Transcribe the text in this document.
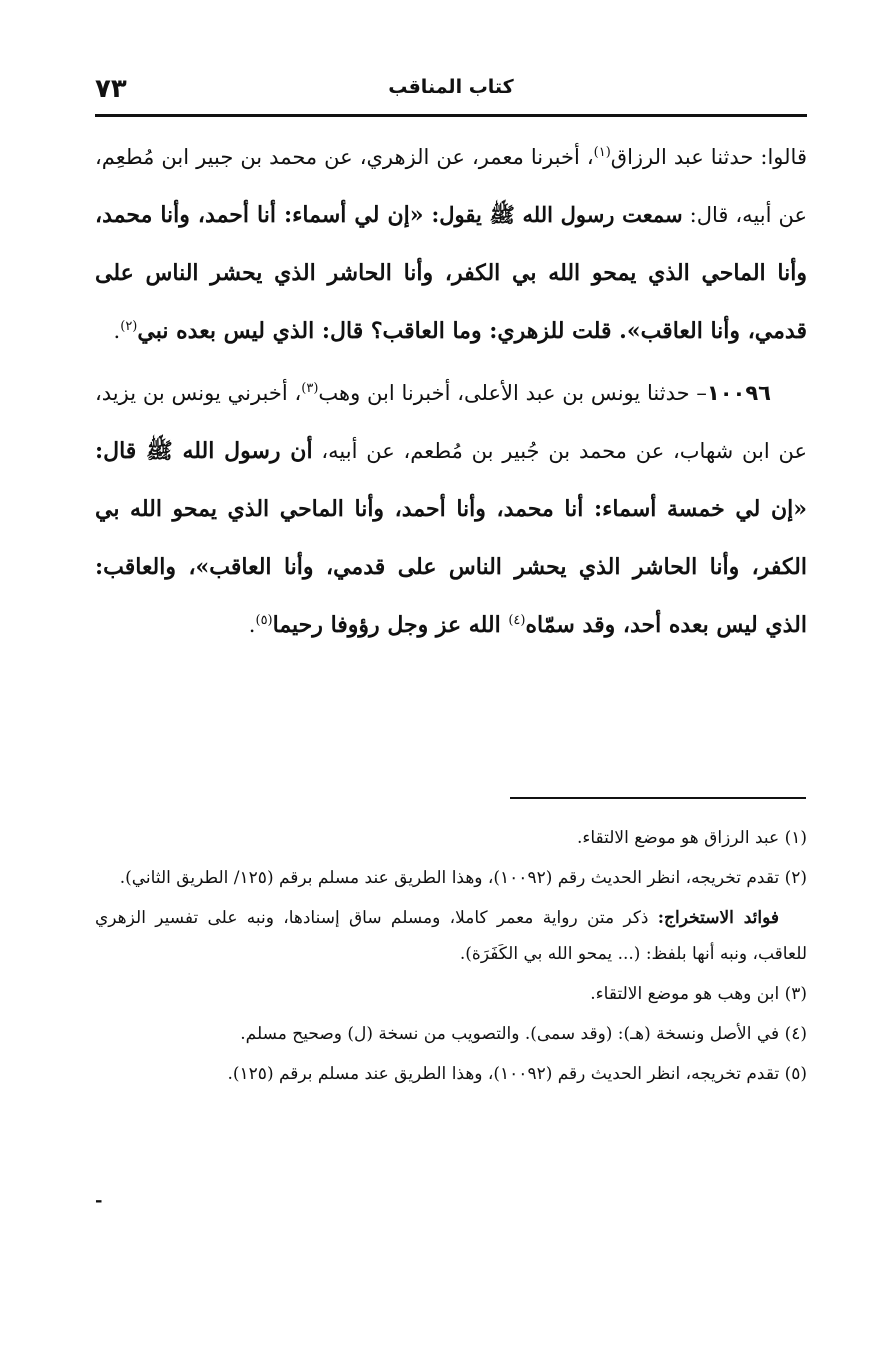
٧٣	كتاب المناقب

قالوا: حدثنا عبد الرزاق$^{(١)}$، أخبرنا معمر، عن الزهري، عن محمد بن جبير ابن مُطعِم، عن أبيه، قال: سمعت رسول الله ﷺ يقول: «إن لي أسماء: أنا أحمد، وأنا محمد، وأنا الماحي الذي يمحو الله بي الكفر، وأنا الحاشر الذي يحشر الناس على قدمي، وأنا العاقب». قلت للزهري: وما العاقب؟ قال: الذي ليس بعده نبي$^{(٢)}$.

١٠٠٩٦– حدثنا يونس بن عبد الأعلى، أخبرنا ابن وهب$^{(٣)}$، أخبرني يونس بن يزيد، عن ابن شهاب، عن محمد بن جُبير بن مُطعم، عن أبيه، أن رسول الله ﷺ قال: «إن لي خمسة أسماء: أنا محمد، وأنا أحمد، وأنا الماحي الذي يمحو الله بي الكفر، وأنا الحاشر الذي يحشر الناس على قدمي، وأنا العاقب»، والعاقب: الذي ليس بعده أحد، وقد سمّاه$^{(٤)}$ الله عز وجل رؤوفا رحيما$^{(٥)}$.

(١) عبد الرزاق هو موضع الالتقاء.

(٢) تقدم تخريجه، انظر الحديث رقم (١٠٠٩٢)، وهذا الطريق عند مسلم برقم (١٢٥/ الطريق الثاني).

فوائد الاستخراج: ذكر متن رواية معمر كاملا، ومسلم ساق إسنادها، ونبه على تفسير الزهري للعاقب، ونبه أنها بلفظ: (... يمحو الله بي الكَفَرَة).

(٣) ابن وهب هو موضع الالتقاء.

(٤) في الأصل ونسخة (هـ): (وقد سمى). والتصويب من نسخة (ل) وصحيح مسلم.

(٥) تقدم تخريجه، انظر الحديث رقم (١٠٠٩٢)، وهذا الطريق عند مسلم برقم (١٢٥).

-
